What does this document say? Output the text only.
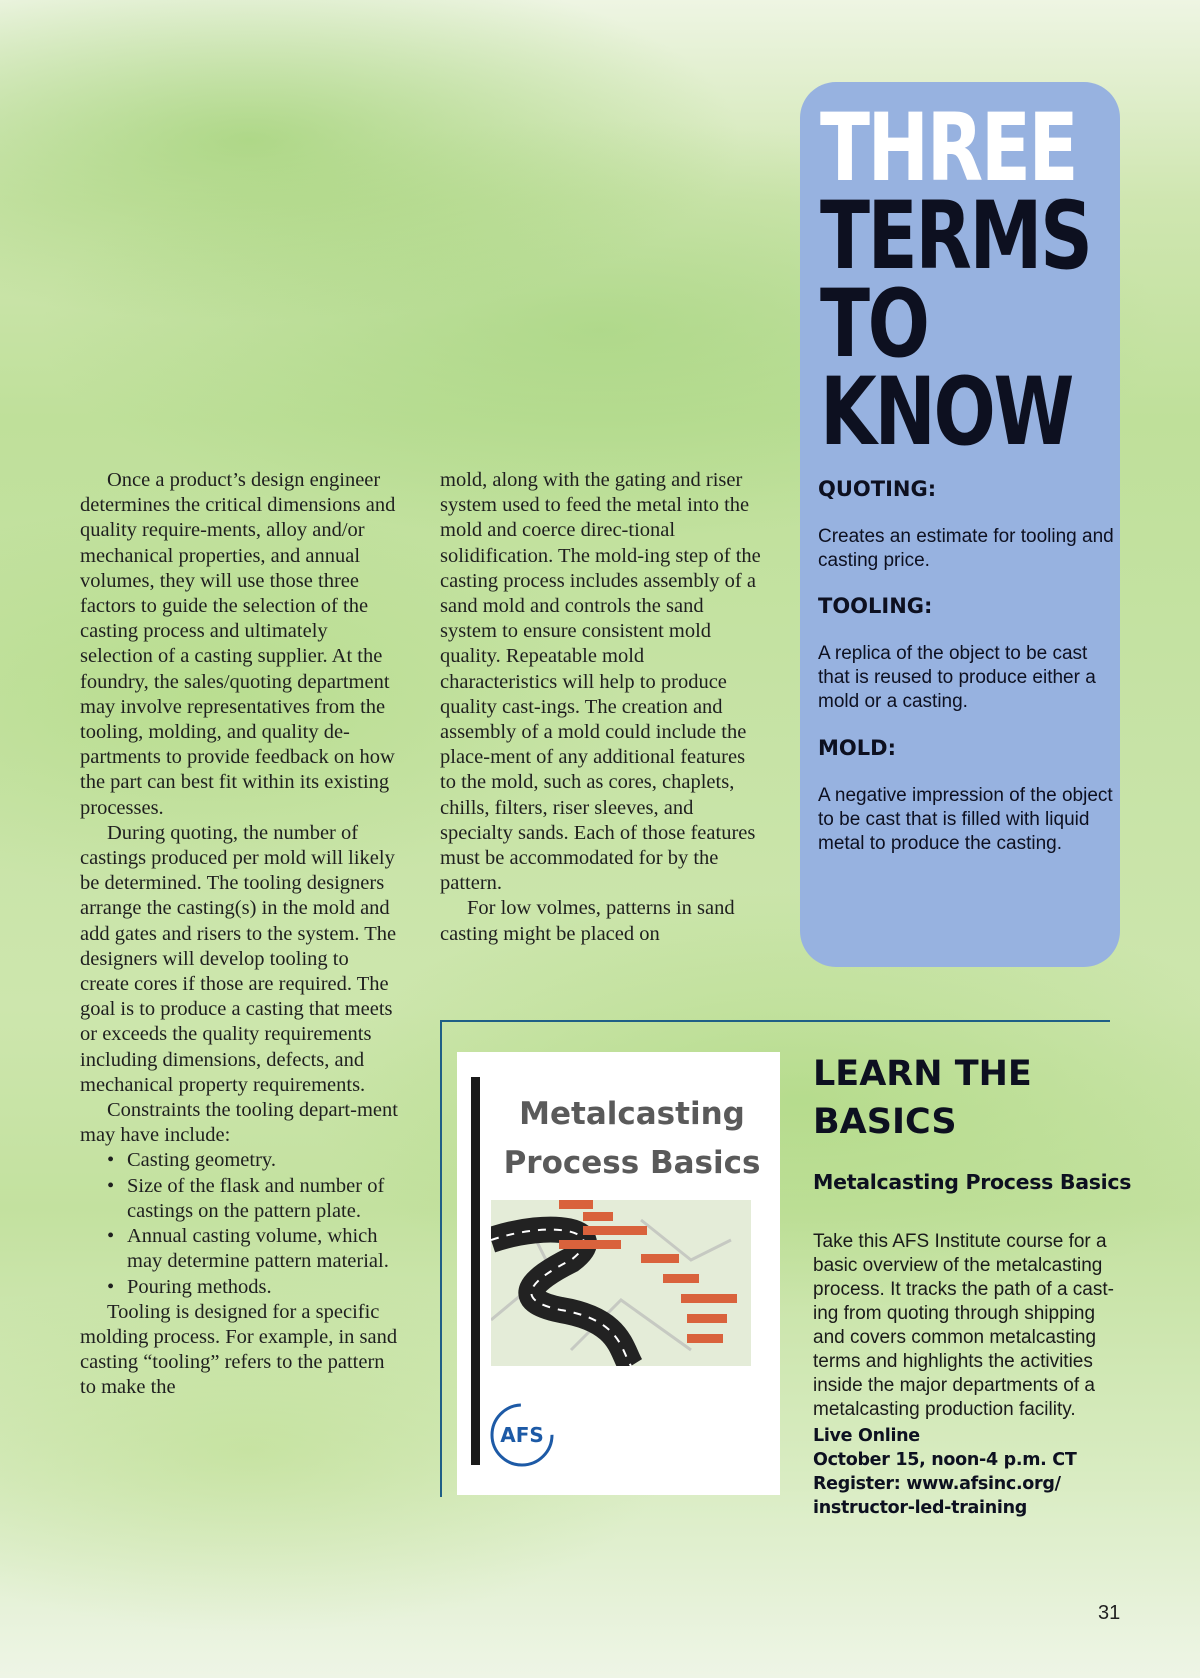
Once a product’s design engineer determines the critical dimensions and quality require-ments, alloy and/or mechanical properties, and annual volumes, they will use those three factors to guide the selection of the casting process and ultimately selection of a casting supplier. At the foundry, the sales/quoting department may involve representatives from the tooling, molding, and quality de-partments to provide feedback on how the part can best fit within its existing processes.

During quoting, the number of castings produced per mold will likely be determined. The tooling designers arrange the casting(s) in the mold and add gates and risers to the system. The designers will develop tooling to create cores if those are required. The goal is to produce a casting that meets or exceeds the quality requirements including dimensions, defects, and mechanical property requirements.

Constraints the tooling depart-ment may have include:

• Casting geometry.
• Size of the flask and number of castings on the pattern plate.
• Annual casting volume, which may determine pattern material.
• Pouring methods.

Tooling is designed for a specific molding process. For example, in sand casting “tooling” refers to the pattern to make the

mold, along with the gating and riser system used to feed the metal into the mold and coerce direc-tional solidification. The mold-ing step of the casting process includes assembly of a sand mold and controls the sand system to ensure consistent mold quality. Repeatable mold characteristics will help to produce quality cast-ings. The creation and assembly of a mold could include the place-ment of any additional features to the mold, such as cores, chaplets, chills, filters, riser sleeves, and specialty sands. Each of those features must be accommodated for by the pattern.

For low volmes, patterns in sand casting might be placed on

THREE
TERMS TO KNOW
QUOTING:
Creates an estimate for tooling and casting price.
TOOLING:
A replica of the object to be cast that is reused to produce either a mold or a casting.
MOLD:
A negative impression of the object to be cast that is filled with liquid metal to produce the casting.
Metalcasting Process Basics
AFS
LEARN THE BASICS
Metalcasting Process Basics
Take this AFS Institute course for a basic overview of the metalcasting process. It tracks the path of a cast-ing from quoting through shipping and covers common metalcasting terms and highlights the activities inside the major departments of a metalcasting production facility.
Live Online
October 15, noon-4 p.m. CT
Register: www.afsinc.org/
instructor-led-training
31
